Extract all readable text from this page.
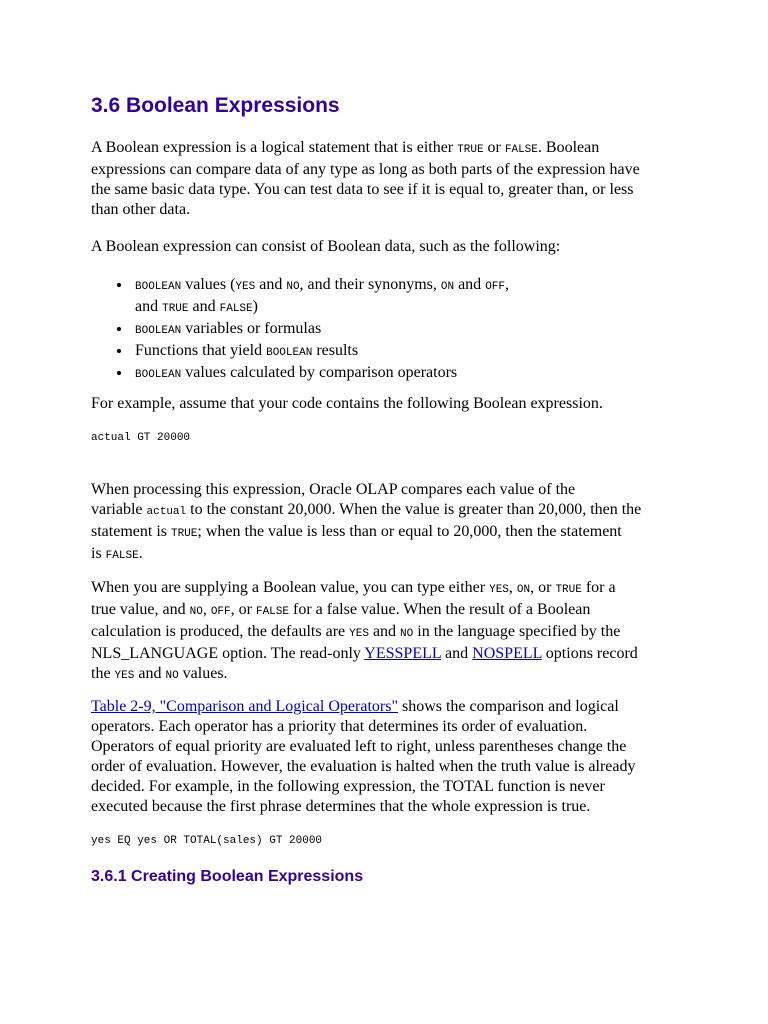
3.6 Boolean Expressions

A Boolean expression is a logical statement that is either TRUE or FALSE. Boolean
expressions can compare data of any type as long as both parts of the expression have
the same basic data type. You can test data to see if it is equal to, greater than, or less
than other data.

A Boolean expression can consist of Boolean data, such as the following:

BOOLEAN values (YES and NO, and their synonyms, ON and OFF,
and TRUE and FALSE)
BOOLEAN variables or formulas
Functions that yield BOOLEAN results
BOOLEAN values calculated by comparison operators

For example, assume that your code contains the following Boolean expression.

actual GT 20000

When processing this expression, Oracle OLAP compares each value of the
variable actual to the constant 20,000. When the value is greater than 20,000, then the
statement is TRUE; when the value is less than or equal to 20,000, then the statement
is FALSE.

When you are supplying a Boolean value, you can type either YES, ON, or TRUE for a
true value, and NO, OFF, or FALSE for a false value. When the result of a Boolean
calculation is produced, the defaults are YES and NO in the language specified by the
NLS_LANGUAGE option. The read-only YESSPELL and NOSPELL options record
the YES and NO values.

Table 2-9, "Comparison and Logical Operators" shows the comparison and logical
operators. Each operator has a priority that determines its order of evaluation.
Operators of equal priority are evaluated left to right, unless parentheses change the
order of evaluation. However, the evaluation is halted when the truth value is already
decided. For example, in the following expression, the TOTAL function is never
executed because the first phrase determines that the whole expression is true.

yes EQ yes OR TOTAL(sales) GT 20000
3.6.1 Creating Boolean Expressions
